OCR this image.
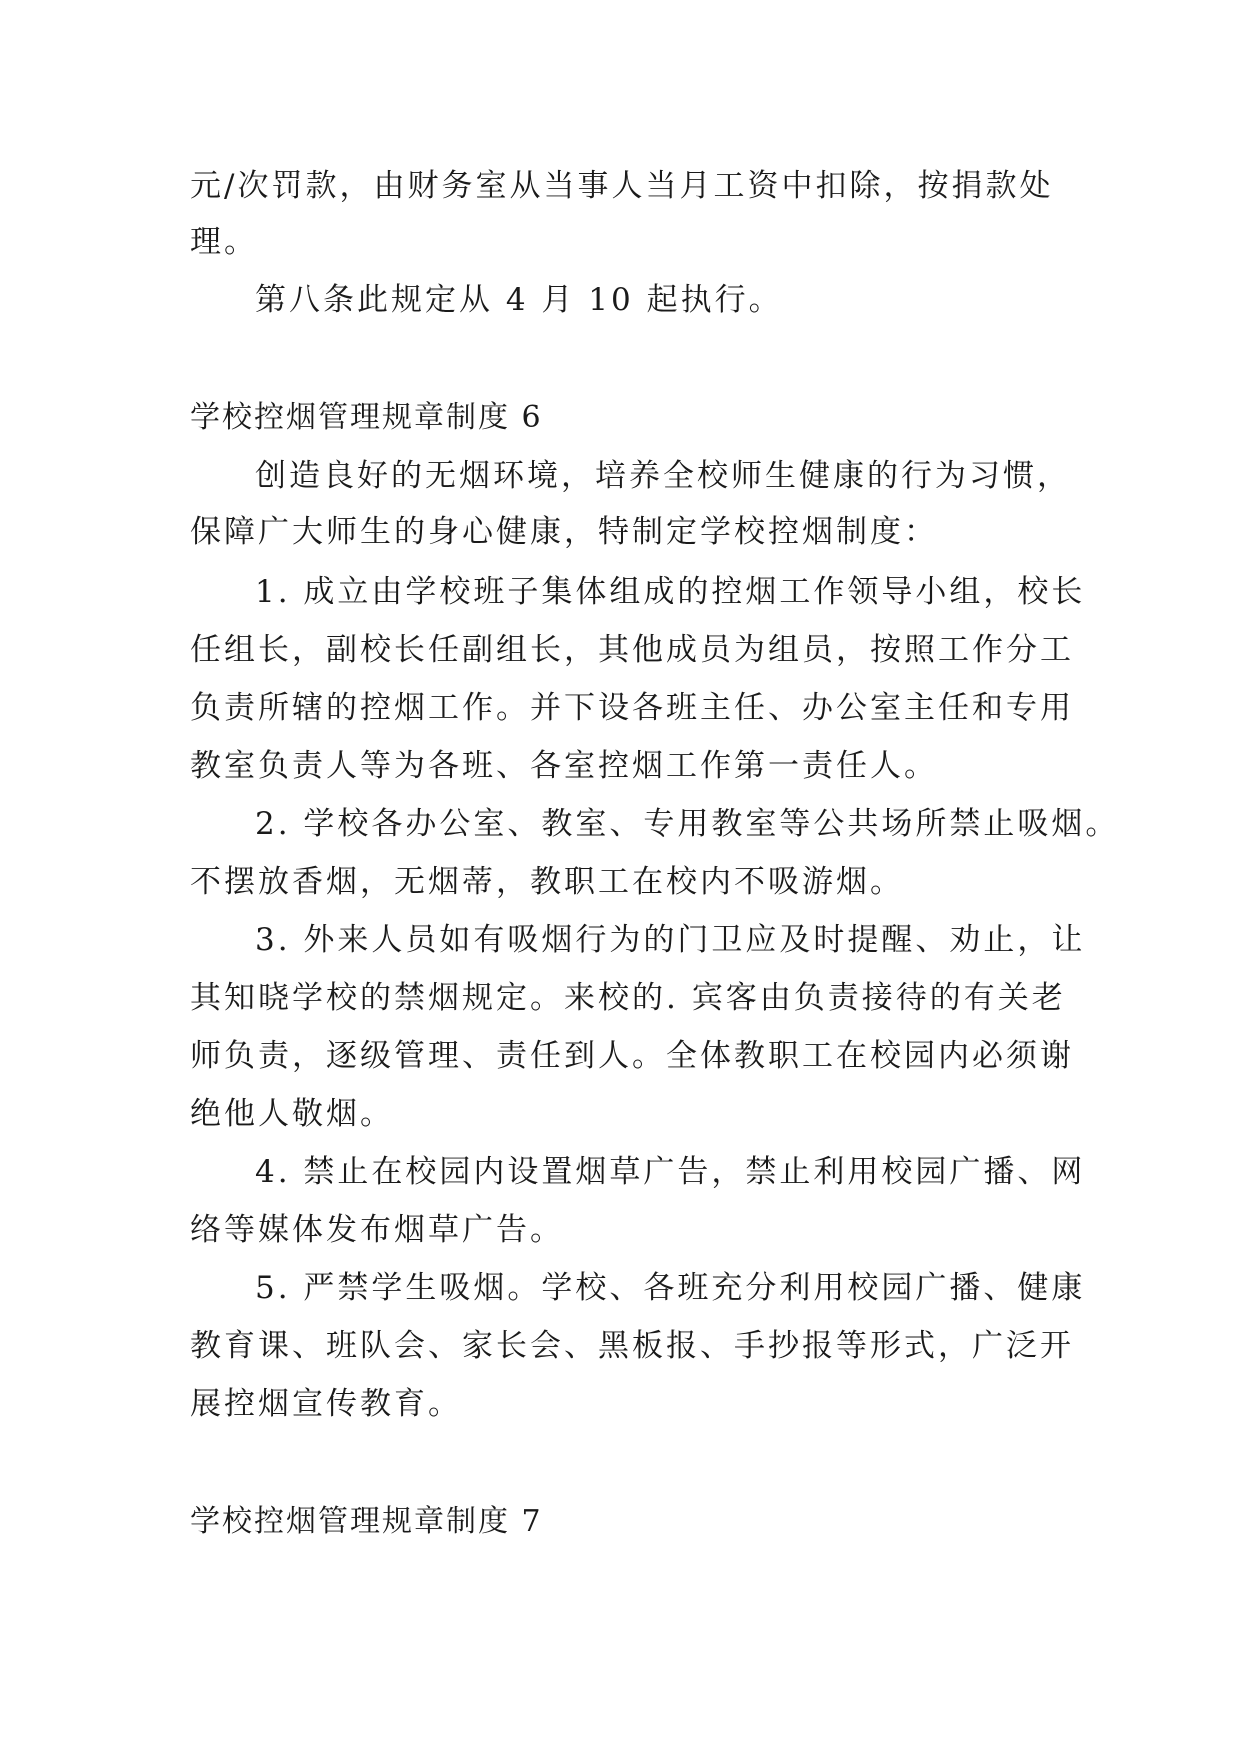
元/次罚款，由财务室从当事人当月工资中扣除，按捐款处
理。
第八条此规定从 4 月 10 起执行。
学校控烟管理规章制度 6
创造良好的无烟环境，培养全校师生健康的行为习惯，
保障广大师生的身心健康，特制定学校控烟制度：
1. 成立由学校班子集体组成的控烟工作领导小组，校长
任组长，副校长任副组长，其他成员为组员，按照工作分工
负责所辖的控烟工作。并下设各班主任、办公室主任和专用
教室负责人等为各班、各室控烟工作第一责任人。
2. 学校各办公室、教室、专用教室等公共场所禁止吸烟。
不摆放香烟，无烟蒂，教职工在校内不吸游烟。
3. 外来人员如有吸烟行为的门卫应及时提醒、劝止，让
其知晓学校的禁烟规定。来校的. 宾客由负责接待的有关老
师负责，逐级管理、责任到人。全体教职工在校园内必须谢
绝他人敬烟。
4. 禁止在校园内设置烟草广告，禁止利用校园广播、网
络等媒体发布烟草广告。
5. 严禁学生吸烟。学校、各班充分利用校园广播、健康
教育课、班队会、家长会、黑板报、手抄报等形式，广泛开
展控烟宣传教育。
学校控烟管理规章制度 7
